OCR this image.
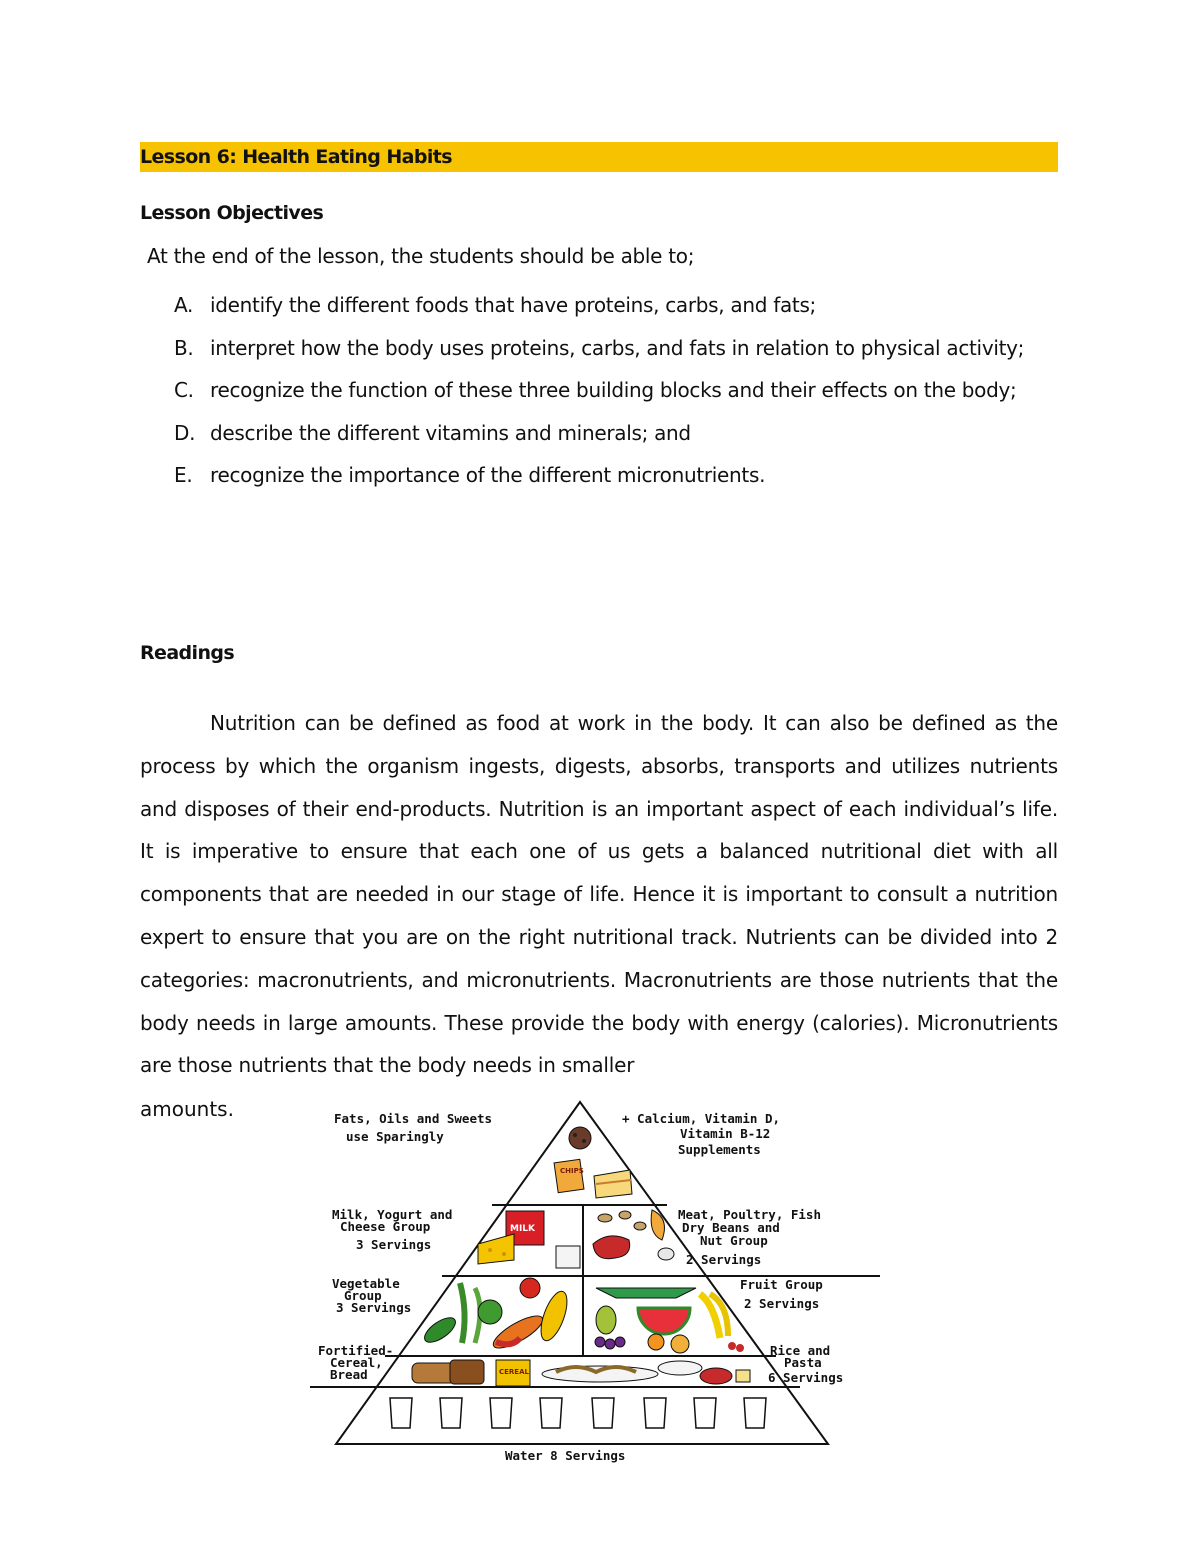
Lesson 6: Health Eating Habits
Lesson Objectives

At the end of the lesson, the students should be able to;

A. identify the different foods that have proteins, carbs, and fats;
B. interpret how the body uses proteins, carbs, and fats in relation to physical activity;
C. recognize the function of these three building blocks and their effects on the body;
D. describe the different vitamins and minerals; and
E. recognize the importance of the different micronutrients.
Readings

Nutrition can be defined as food at work in the body. It can also be defined as the process by which the organism ingests, digests, absorbs, transports and utilizes nutrients and disposes of their end-products. Nutrition is an important aspect of each individual’s life. It is imperative to ensure that each one of us gets a balanced nutritional diet with all components that are needed in our stage of life. Hence it is important to consult a nutrition expert to ensure that you are on the right nutritional track. Nutrients can be divided into 2 categories: macronutrients, and micronutrients. Macronutrients are those nutrients that the body needs in large amounts. These provide the body with energy (calories). Micronutrients are those nutrients that the body needs in smaller

amounts.

CHIPS
MILK
CEREAL
Fats, Oils and Sweets
use Sparingly
+ Calcium, Vitamin D,
Vitamin B-12
Supplements
Milk, Yogurt and
Cheese Group
3 Servings
Meat, Poultry, Fish
Dry Beans and
Nut Group
2 Servings
Vegetable
Group
3 Servings
Fruit Group
2 Servings
Fortified-
Cereal,
Bread
Rice and
Pasta
6 Servings
Water 8 Servings
